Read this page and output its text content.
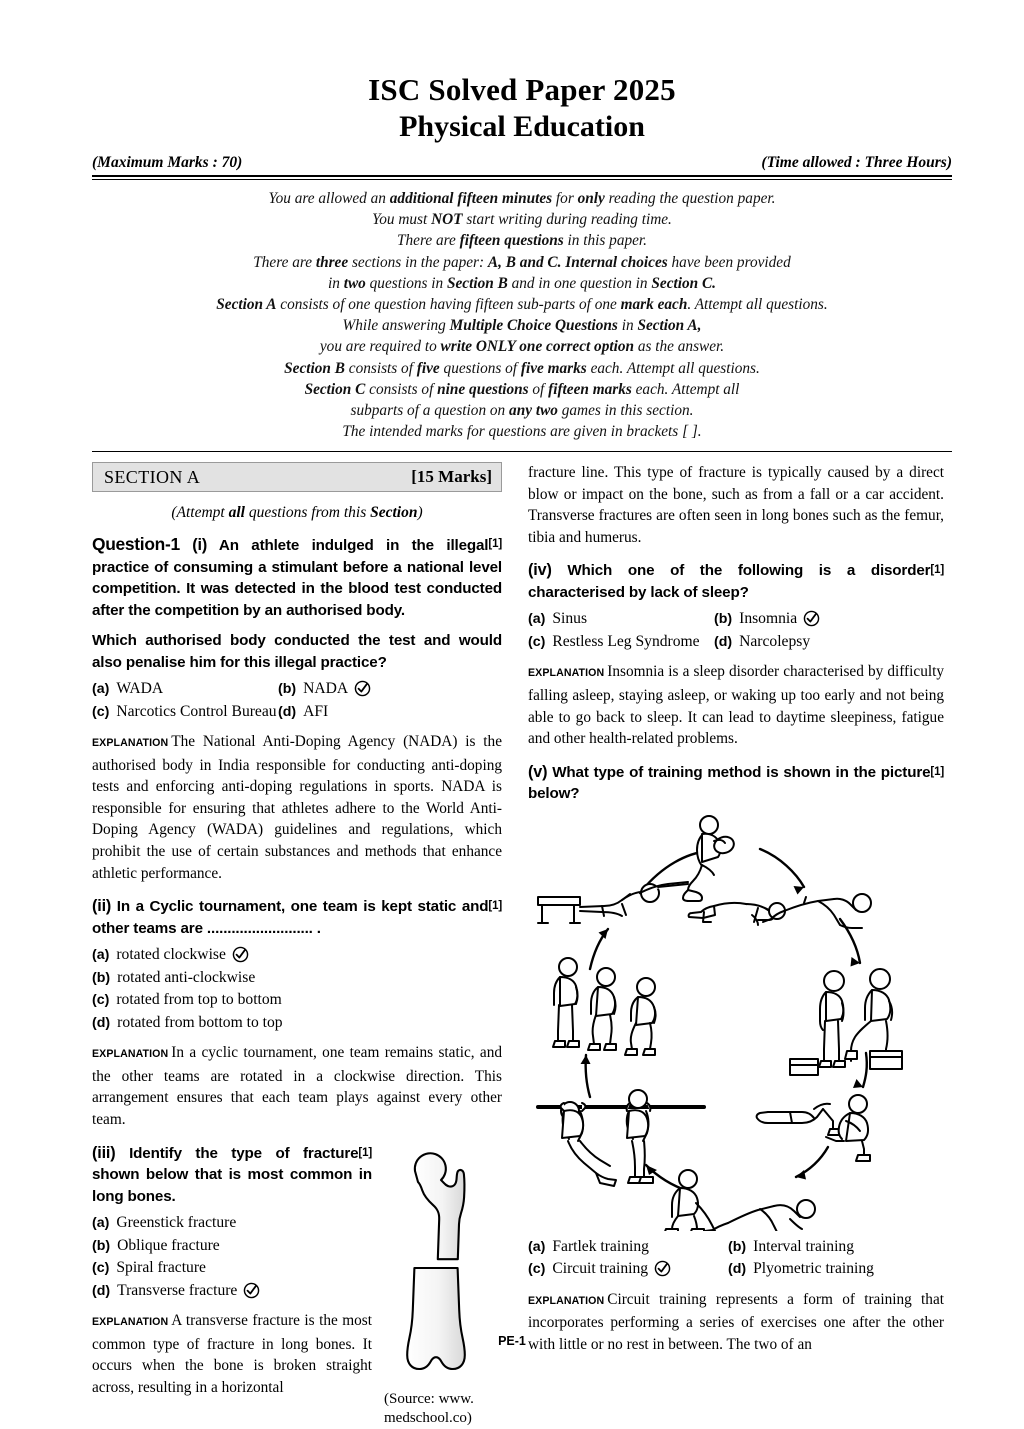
ISC Solved Paper 2025
Physical Education
(Maximum Marks : 70)	(Time allowed : Three Hours)
You are allowed an additional fifteen minutes for only reading the question paper.
You must NOT start writing during reading time.
There are fifteen questions in this paper.
There are three sections in the paper: A, B and C. Internal choices have been provided
in two questions in Section B and in one question in Section C.
Section A consists of one question having fifteen sub-parts of one mark each. Attempt all questions.
While answering Multiple Choice Questions in Section A,
you are required to write ONLY one correct option as the answer.
Section B consists of five questions of five marks each. Attempt all questions.
Section C consists of nine questions of fifteen marks each. Attempt all
subparts of a question on any two games in this section.
The intended marks for questions are given in brackets [ ].
SECTION A	[15 Marks]
(Attempt all questions from this Section)
[1]
Question-1 (i) An athlete indulged in the illegal practice of consuming a stimulant before a national level competition. It was detected in the blood test conducted after the competition by an authorised body.
Which authorised body conducted the test and would also penalise him for this illegal practice?
(a) WADA	(b) NADA
(c) Narcotics Control Bureau (d) AFI
EXPLANATION The National Anti-Doping Agency (NADA) is the authorised body in India responsible for conducting anti-doping tests and enforcing anti-doping regulations in sports. NADA is responsible for ensuring that athletes adhere to the World Anti-Doping Agency (WADA) guidelines and regulations, which prohibit the use of certain substances and methods that enhance athletic performance.
[1]
(ii) In a Cyclic tournament, one team is kept static and other teams are .......................... .
(a) rotated clockwise
(b) rotated anti-clockwise
(c) rotated from top to bottom
(d) rotated from bottom to top
EXPLANATION In a cyclic tournament, one team remains static, and the other teams are rotated in a clockwise direction. This arrangement ensures that each team plays against every other team.
(Source: www. medschool.co)
[1]
(iii) Identify the type of fracture shown below that is most common in long bones.
(a) Greenstick fracture
(b) Oblique fracture
(c) Spiral fracture
(d) Transverse fracture
EXPLANATION A transverse fracture is the most common type of fracture in long bones. It occurs when the bone is broken straight across, resulting in a horizontal
fracture line. This type of fracture is typically caused by a direct blow or impact on the bone, such as from a fall or a car accident. Transverse fractures are often seen in long bones such as the femur, tibia and humerus.
[1]
(iv) Which one of the following is a disorder characterised by lack of sleep?
(a) Sinus	(b) Insomnia
(c) Restless Leg Syndrome (d) Narcolepsy
EXPLANATION Insomnia is a sleep disorder characterised by difficulty falling asleep, staying asleep, or waking up too early and not being able to go back to sleep. It can lead to daytime sleepiness, fatigue and other health-related problems.
[1]
(v) What type of training method is shown in the picture below?
(a) Fartlek training	(b) Interval training
(c) Circuit training	(d) Plyometric training
EXPLANATION Circuit training represents a form of training that incorporates performing a series of exercises one after the other with little or no rest in between. The two of an
PE-1
